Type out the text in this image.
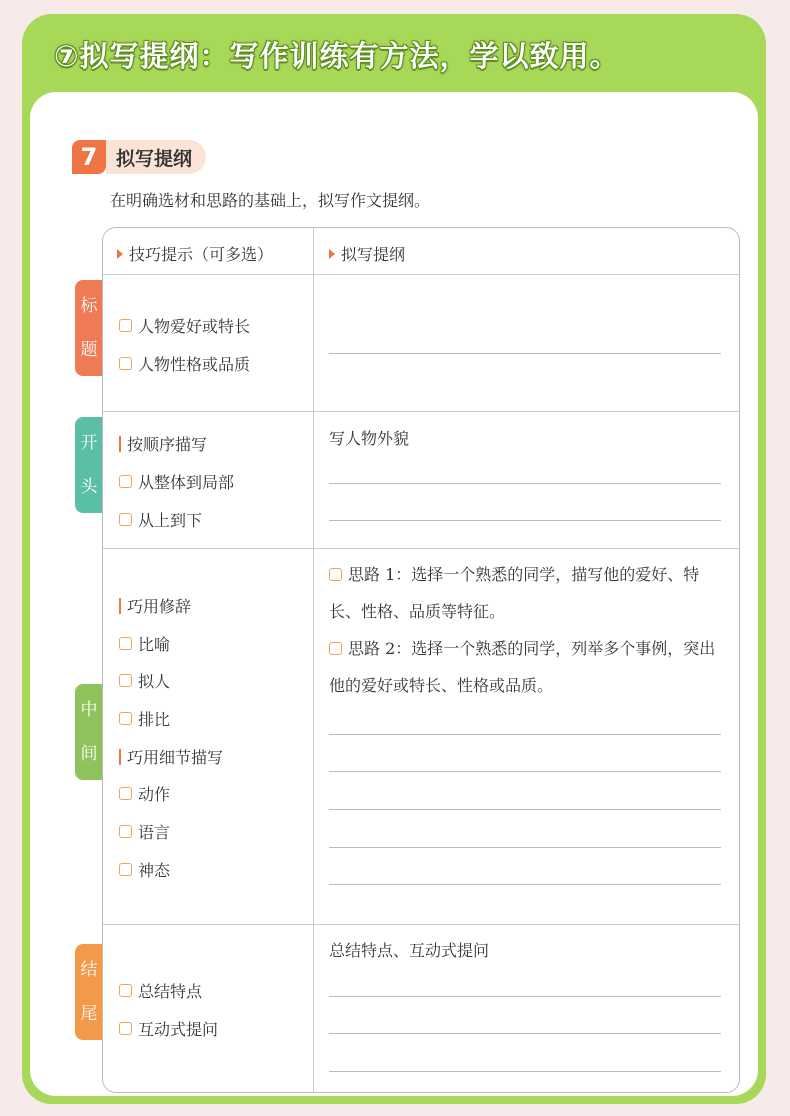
⑦拟写提纲：写作训练有方法，学以致用。
7 拟写提纲
在明确选材和思路的基础上，拟写作文提纲。
标
题
开
头
中
间
结
尾
技巧提示（可多选）	拟写提纲
人物爱好或特长
人物性格或品质
按顺序描写
从整体到局部
从上到下
写人物外貌
巧用修辞
比喻
拟人
排比
巧用细节描写
动作
语言
神态
思路 1：选择一个熟悉的同学，描写他的爱好、特长、性格、品质等特征。
思路 2：选择一个熟悉的同学，列举多个事例，突出他的爱好或特长、性格或品质。
总结特点
互动式提问
总结特点、互动式提问
